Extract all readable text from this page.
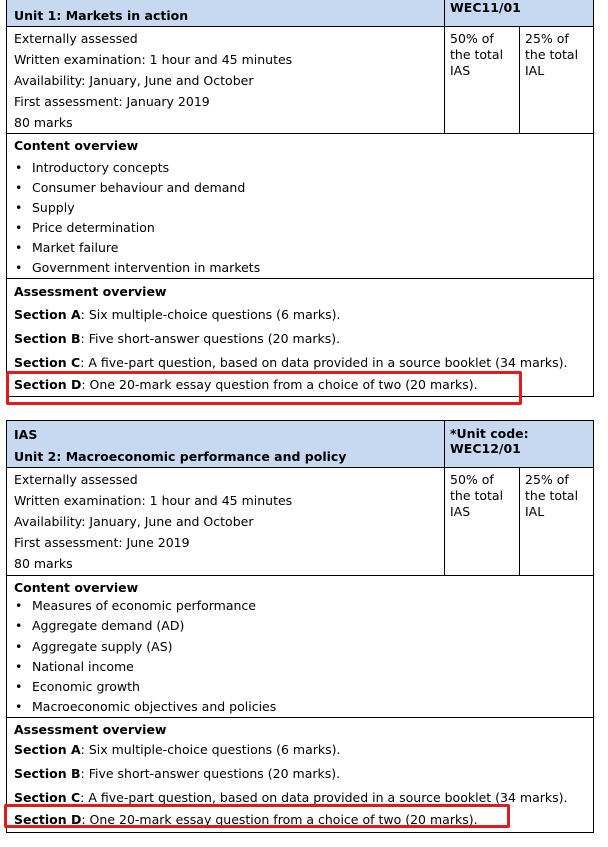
Unit 1: Markets in action
WEC11/01
Externally assessed
Written examination: 1 hour and 45 minutes
Availability: January, June and October
First assessment: January 2019
80 marks
50% of
the total
IAS
25% of
the total
IAL
Content overview
• Introductory concepts
• Consumer behaviour and demand
• Supply
• Price determination
• Market failure
• Government intervention in markets
Assessment overview
Section A: Six multiple-choice questions (6 marks).
Section B: Five short-answer questions (20 marks).
Section C: A five-part question, based on data provided in a source booklet (34 marks).
Section D: One 20-mark essay question from a choice of two (20 marks).
IAS
Unit 2: Macroeconomic performance and policy
*Unit code:
WEC12/01
Externally assessed
Written examination: 1 hour and 45 minutes
Availability: January, June and October
First assessment: June 2019
80 marks
50% of
the total
IAS
25% of
the total
IAL
Content overview
• Measures of economic performance
• Aggregate demand (AD)
• Aggregate supply (AS)
• National income
• Economic growth
• Macroeconomic objectives and policies
Assessment overview
Section A: Six multiple-choice questions (6 marks).
Section B: Five short-answer questions (20 marks).
Section C: A five-part question, based on data provided in a source booklet (34 marks).
Section D: One 20-mark essay question from a choice of two (20 marks).
